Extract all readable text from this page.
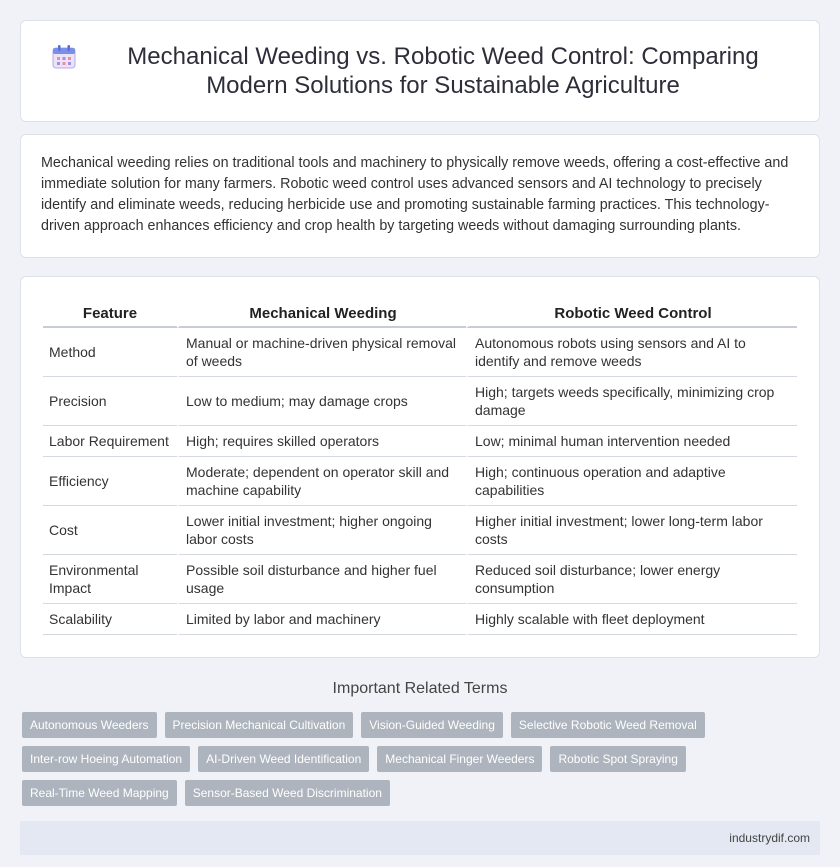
Mechanical Weeding vs. Robotic Weed Control: Comparing Modern Solutions for Sustainable Agriculture

Mechanical weeding relies on traditional tools and machinery to physically remove weeds, offering a cost-effective and immediate solution for many farmers. Robotic weed control uses advanced sensors and AI technology to precisely identify and eliminate weeds, reducing herbicide use and promoting sustainable farming practices. This technology-driven approach enhances efficiency and crop health by targeting weeds without damaging surrounding plants.

Feature	Mechanical Weeding	Robotic Weed Control
Method	Manual or machine-driven physical removal of weeds	Autonomous robots using sensors and AI to identify and remove weeds
Precision	Low to medium; may damage crops	High; targets weeds specifically, minimizing crop damage
Labor Requirement	High; requires skilled operators	Low; minimal human intervention needed
Efficiency	Moderate; dependent on operator skill and machine capability	High; continuous operation and adaptive capabilities
Cost	Lower initial investment; higher ongoing labor costs	Higher initial investment; lower long-term labor costs
Environmental Impact	Possible soil disturbance and higher fuel usage	Reduced soil disturbance; lower energy consumption
Scalability	Limited by labor and machinery	Highly scalable with fleet deployment
Important Related Terms
Autonomous Weeders	Precision Mechanical Cultivation	Vision-Guided Weeding	Selective Robotic Weed Removal
Inter-row Hoeing Automation	AI-Driven Weed Identification	Mechanical Finger Weeders	Robotic Spot Spraying
Real-Time Weed Mapping	Sensor-Based Weed Discrimination
industrydif.com
